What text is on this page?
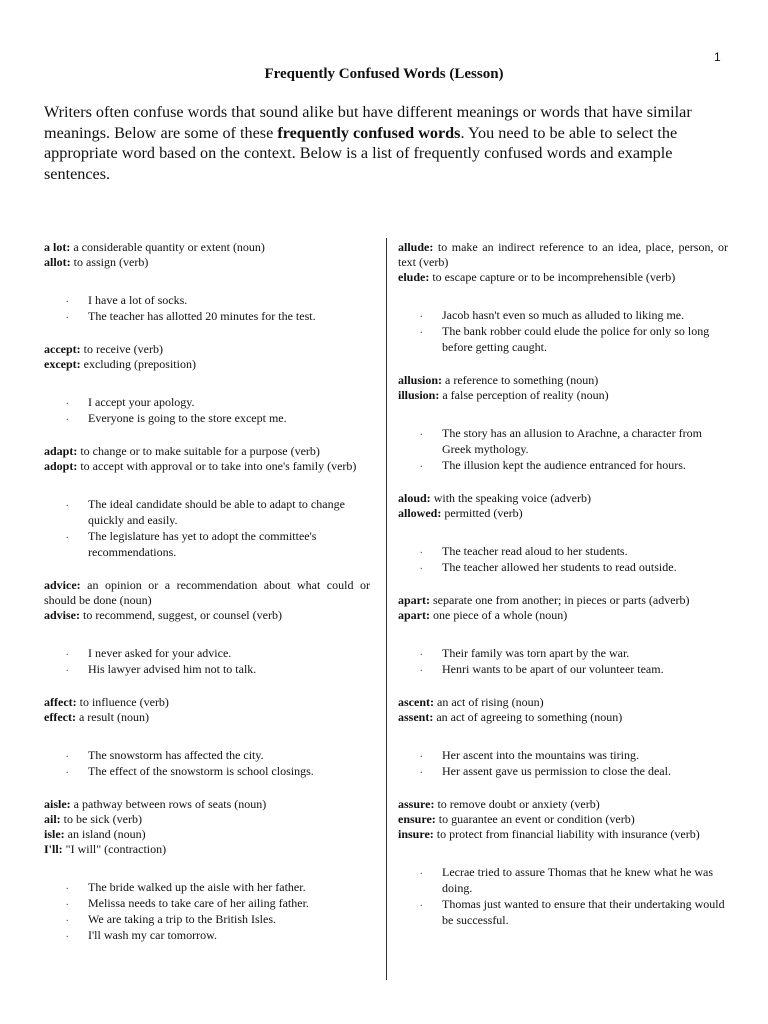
1
Frequently Confused Words (Lesson)
Writers often confuse words that sound alike but have different meanings or words that have similar meanings. Below are some of these frequently confused words. You need to be able to select the appropriate word based on the context. Below is a list of frequently confused words and example sentences.

a lot: a considerable quantity or extent (noun)

allot: to assign (verb)

. I have a lot of socks.
. The teacher has allotted 20 minutes for the test.

accept: to receive (verb)

except: excluding (preposition)

. I accept your apology.
. Everyone is going to the store except me.

adapt: to change or to make suitable for a purpose (verb)

adopt: to accept with approval or to take into one's family (verb)

. The ideal candidate should be able to adapt to change quickly and easily.
. The legislature has yet to adopt the committee's recommendations.

advice: an opinion or a recommendation about what could or should be done (noun)

advise: to recommend, suggest, or counsel (verb)

. I never asked for your advice.
. His lawyer advised him not to talk.

affect: to influence (verb)

effect: a result (noun)

. The snowstorm has affected the city.
. The effect of the snowstorm is school closings.

aisle: a pathway between rows of seats (noun)

ail: to be sick (verb)

isle: an island (noun)

I'll: "I will" (contraction)

. The bride walked up the aisle with her father.
. Melissa needs to take care of her ailing father.
. We are taking a trip to the British Isles.
. I'll wash my car tomorrow.

allude: to make an indirect reference to an idea, place, person, or text (verb)

elude: to escape capture or to be incomprehensible (verb)

. Jacob hasn't even so much as alluded to liking me.
. The bank robber could elude the police for only so long before getting caught.

allusion: a reference to something (noun)

illusion: a false perception of reality (noun)

. The story has an allusion to Arachne, a character from Greek mythology.
. The illusion kept the audience entranced for hours.

aloud: with the speaking voice (adverb)

allowed: permitted (verb)

. The teacher read aloud to her students.
. The teacher allowed her students to read outside.

apart: separate one from another; in pieces or parts (adverb)

apart: one piece of a whole (noun)

. Their family was torn apart by the war.
. Henri wants to be apart of our volunteer team.

ascent: an act of rising (noun)

assent: an act of agreeing to something (noun)

. Her ascent into the mountains was tiring.
. Her assent gave us permission to close the deal.

assure: to remove doubt or anxiety (verb)

ensure: to guarantee an event or condition (verb)

insure: to protect from financial liability with insurance (verb)

. Lecrae tried to assure Thomas that he knew what he was doing.
. Thomas just wanted to ensure that their undertaking would be successful.
